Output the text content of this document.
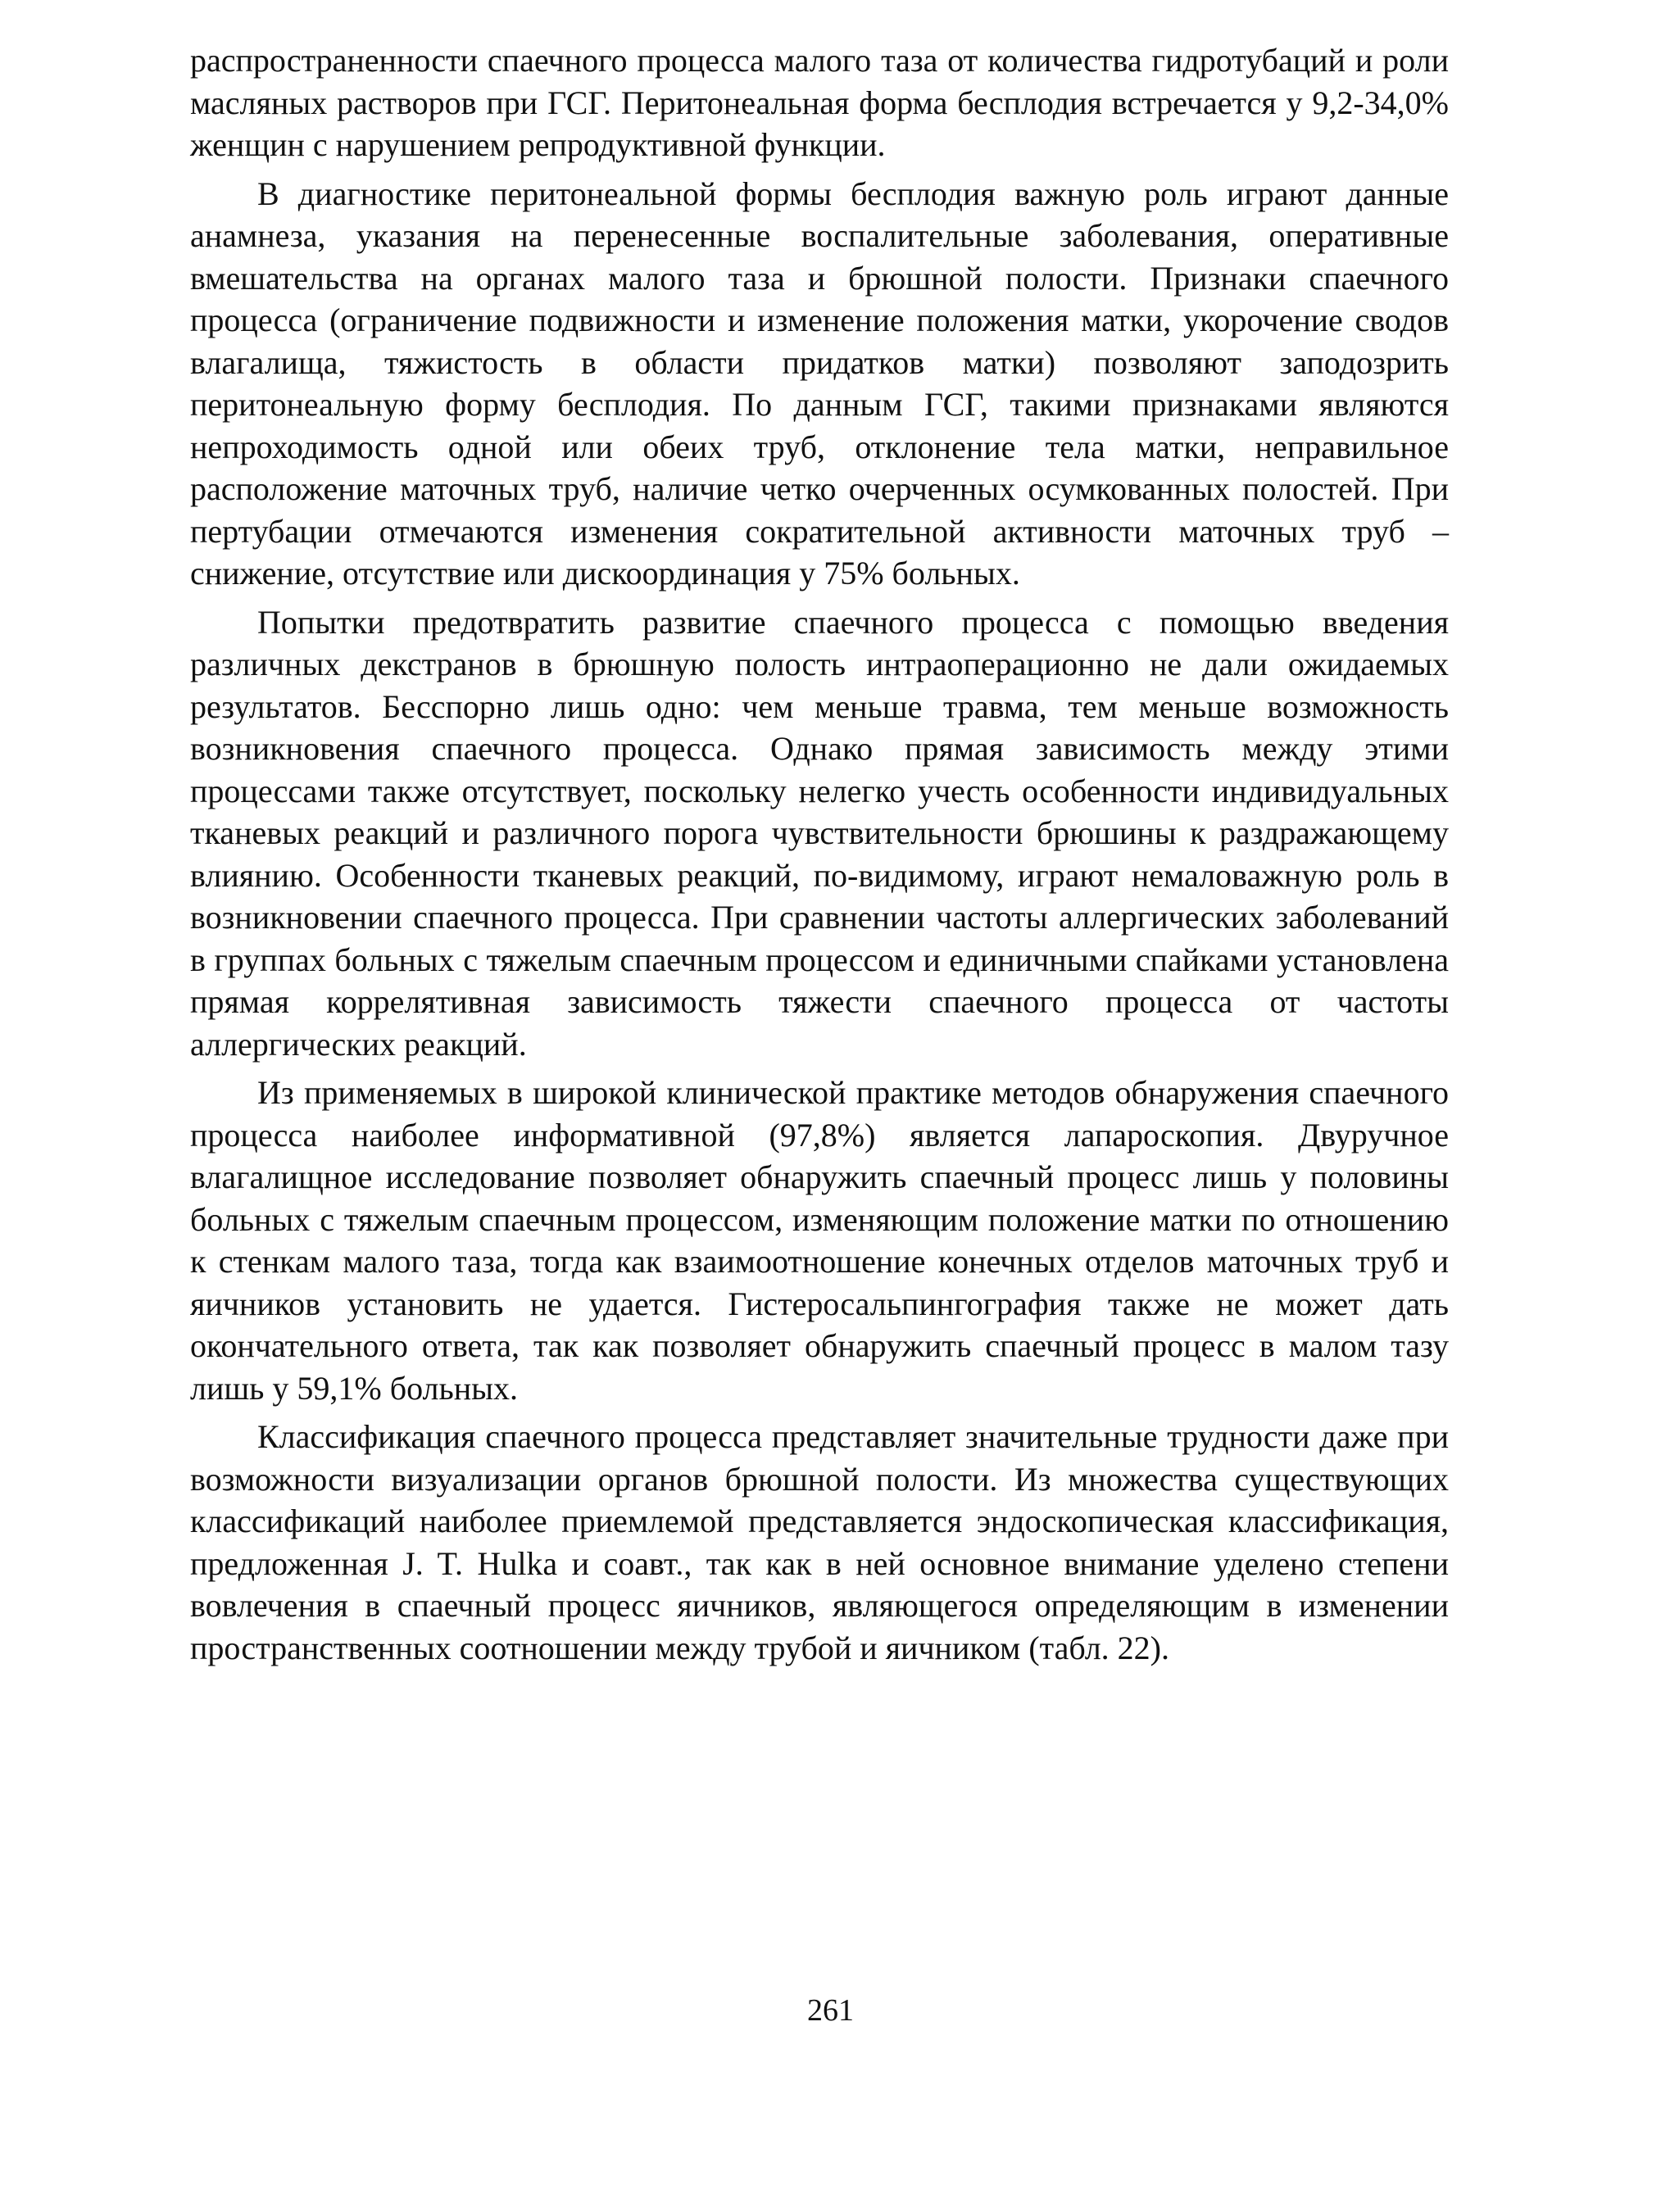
распространенности спаечного процесса малого таза от количества гидротубаций и роли масляных растворов при ГСГ. Перитонеальная форма бесплодия встречается у 9,2-34,0% женщин с нарушением репродуктивной функции.

В диагностике перитонеальной формы бесплодия важную роль играют данные анамнеза, указания на перенесенные воспалительные заболевания, оперативные вмешательства на органах малого таза и брюшной полости. Признаки спаечного процесса (ограничение подвижности и изменение положения матки, укорочение сводов влагалища, тяжистость в области придатков матки) позволяют заподозрить перитонеальную форму бесплодия. По данным ГСГ, такими признаками являются непроходимость одной или обеих труб, отклонение тела матки, неправильное расположение маточных труб, наличие четко очерченных осумкованных полостей. При пертубации отмечаются изменения сократительной активности маточных труб – снижение, отсутствие или дискоординация у 75% больных.

Попытки предотвратить развитие спаечного процесса с помощью введения различных декстранов в брюшную полость интраоперационно не дали ожидаемых результатов. Бесспорно лишь одно: чем меньше травма, тем меньше возможность возникновения спаечного процесса. Однако прямая зависимость между этими процессами также отсутствует, поскольку нелегко учесть особенности индивидуальных тканевых реакций и различного порога чувствительности брюшины к раздражающему влиянию. Особенности тканевых реакций, по-видимому, играют немаловажную роль в возникновении спаечного процесса. При сравнении частоты аллергических заболеваний в группах больных с тяжелым спаечным процессом и единичными спайками установлена прямая коррелятивная зависимость тяжести спаечного процесса от частоты аллергических реакций.

Из применяемых в широкой клинической практике методов обнаружения спаечного процесса наиболее информативной (97,8%) является лапароскопия. Двуручное влагалищное исследование позволяет обнаружить спаечный процесс лишь у половины больных с тяжелым спаечным процессом, изменяющим положение матки по отношению к стенкам малого таза, тогда как взаимоотношение конечных отделов маточных труб и яичников установить не удается. Гистеросальпингография также не может дать окончательного ответа, так как позволяет обнаружить спаечный процесс в малом тазу лишь у 59,1% больных.

Классификация спаечного процесса представляет значительные трудности даже при возможности визуализации органов брюшной полости. Из множества существующих классификаций наиболее приемлемой представляется эндоскопическая классификация, предложенная J. T. Hulka и соавт., так как в ней основное внимание уделено степени вовлечения в спаечный процесс яичников, являющегося определяющим в изменении пространственных соотношении между трубой и яичником (табл. 22).

261
